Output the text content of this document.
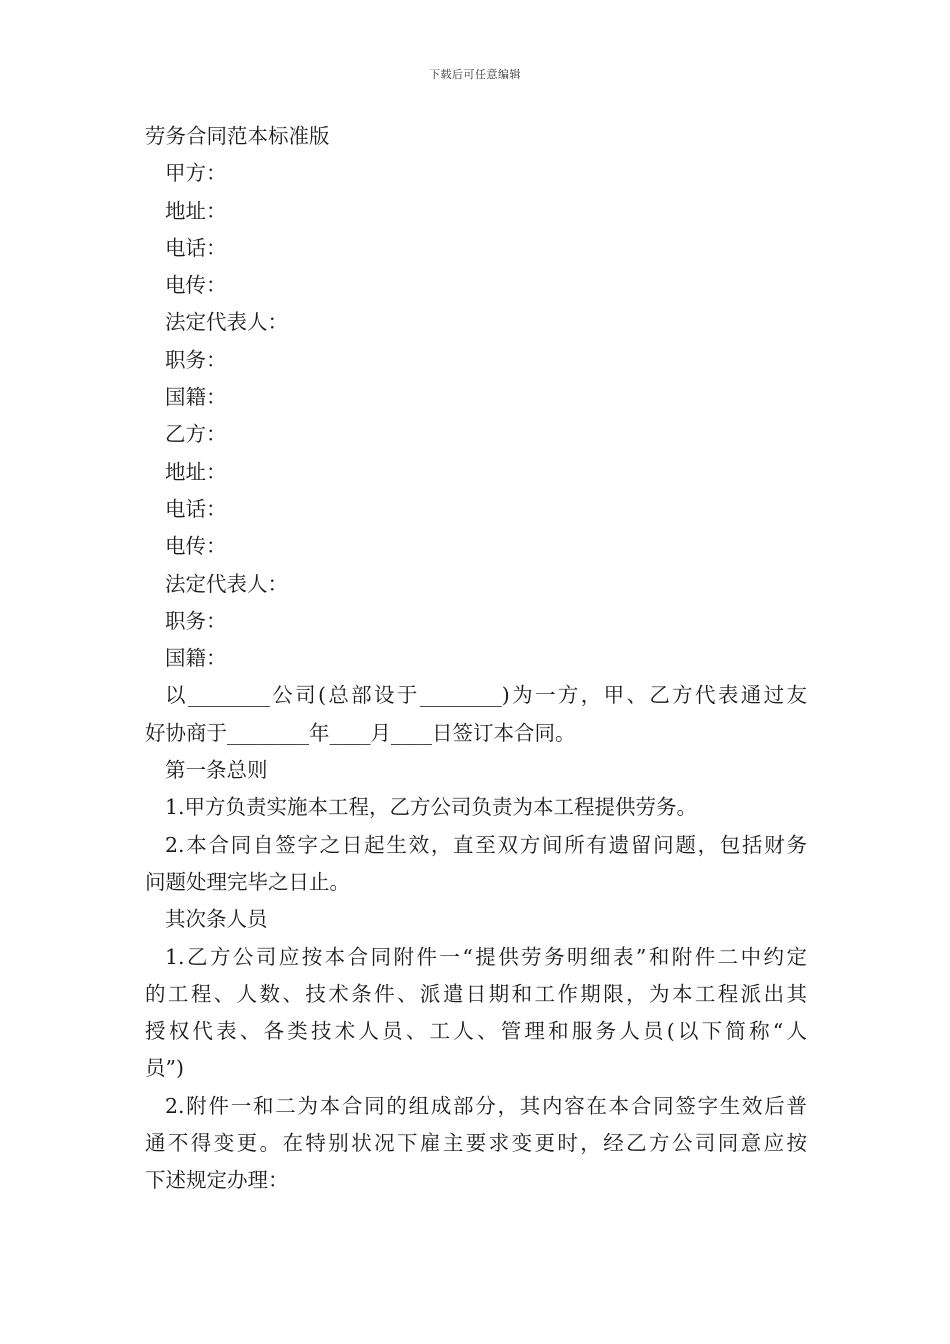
下载后可任意编辑
劳务合同范本标准版
甲方：
地址：
电话：
电传：
法定代表人：
职务：
国籍：
乙方：
地址：
电话：
电传：
法定代表人：
职务：
国籍：
以________公司(总部设于________)为一方，甲、乙方代表通过友
好协商于________年____月____日签订本合同。
第一条总则
1.甲方负责实施本工程，乙方公司负责为本工程提供劳务。
2.本合同自签字之日起生效，直至双方间所有遗留问题，包括财务
问题处理完毕之日止。
其次条人员
1.乙方公司应按本合同附件一“提供劳务明细表”和附件二中约定
的工程、人数、技术条件、派遣日期和工作期限，为本工程派出其
授权代表、各类技术人员、工人、管理和服务人员(以下简称“人
员”)
2.附件一和二为本合同的组成部分，其内容在本合同签字生效后普
通不得变更。在特别状况下雇主要求变更时，经乙方公司同意应按
下述规定办理：
